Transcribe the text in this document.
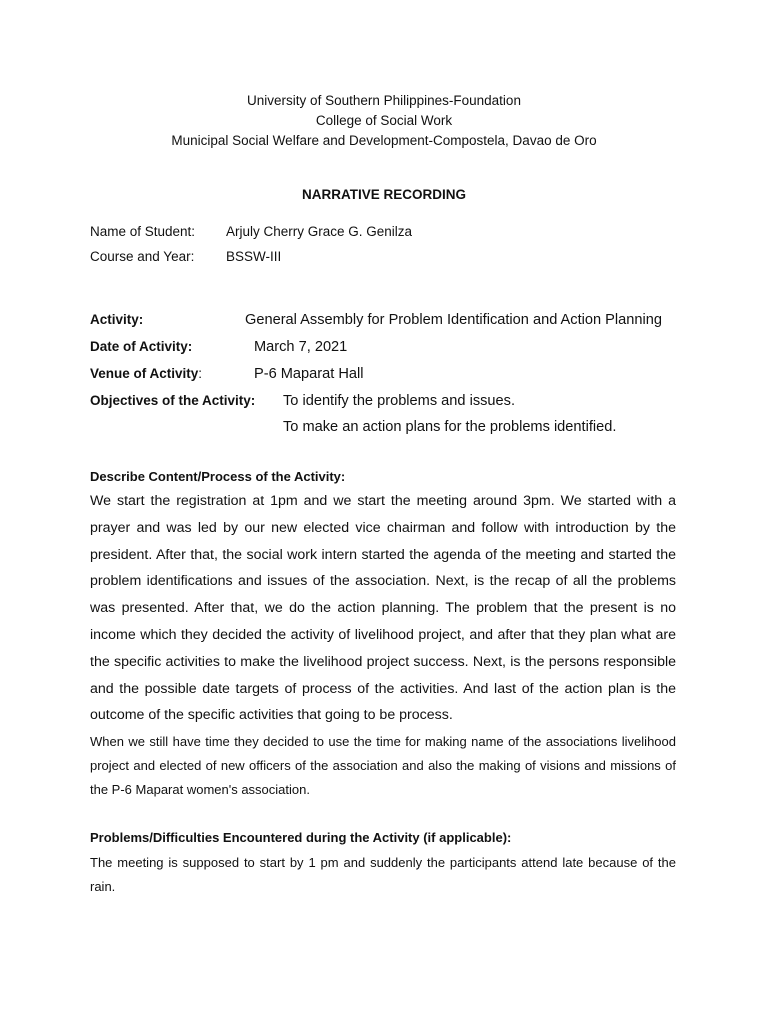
University of Southern Philippines-Foundation
College of Social Work
Municipal Social Welfare and Development-Compostela, Davao de Oro
NARRATIVE RECORDING
Name of Student: Arjuly Cherry Grace G. Genilza
Course and Year: BSSW-III
Activity:	General Assembly for Problem Identification and Action Planning
Date of Activity:	March 7, 2021
Venue of Activity:	P-6 Maparat Hall
Objectives of the Activity: To identify the problems and issues.
To make an action plans for the problems identified.
Describe Content/Process of the Activity:
We start the registration at 1pm and we start the meeting around 3pm. We started with a prayer and was led by our new elected vice chairman and follow with introduction by the president. After that, the social work intern started the agenda of the meeting and started the problem identifications and issues of the association. Next, is the recap of all the problems was presented. After that, we do the action planning. The problem that the present is no income which they decided the activity of livelihood project, and after that they plan what are the specific activities to make the livelihood project success. Next, is the persons responsible and the possible date targets of process of the activities. And last of the action plan is the outcome of the specific activities that going to be process.
When we still have time they decided to use the time for making name of the associations livelihood project and elected of new officers of the association and also the making of visions and missions of the P-6 Maparat women's association.
Problems/Difficulties Encountered during the Activity (if applicable):
The meeting is supposed to start by 1 pm and suddenly the participants attend late because of the rain.
